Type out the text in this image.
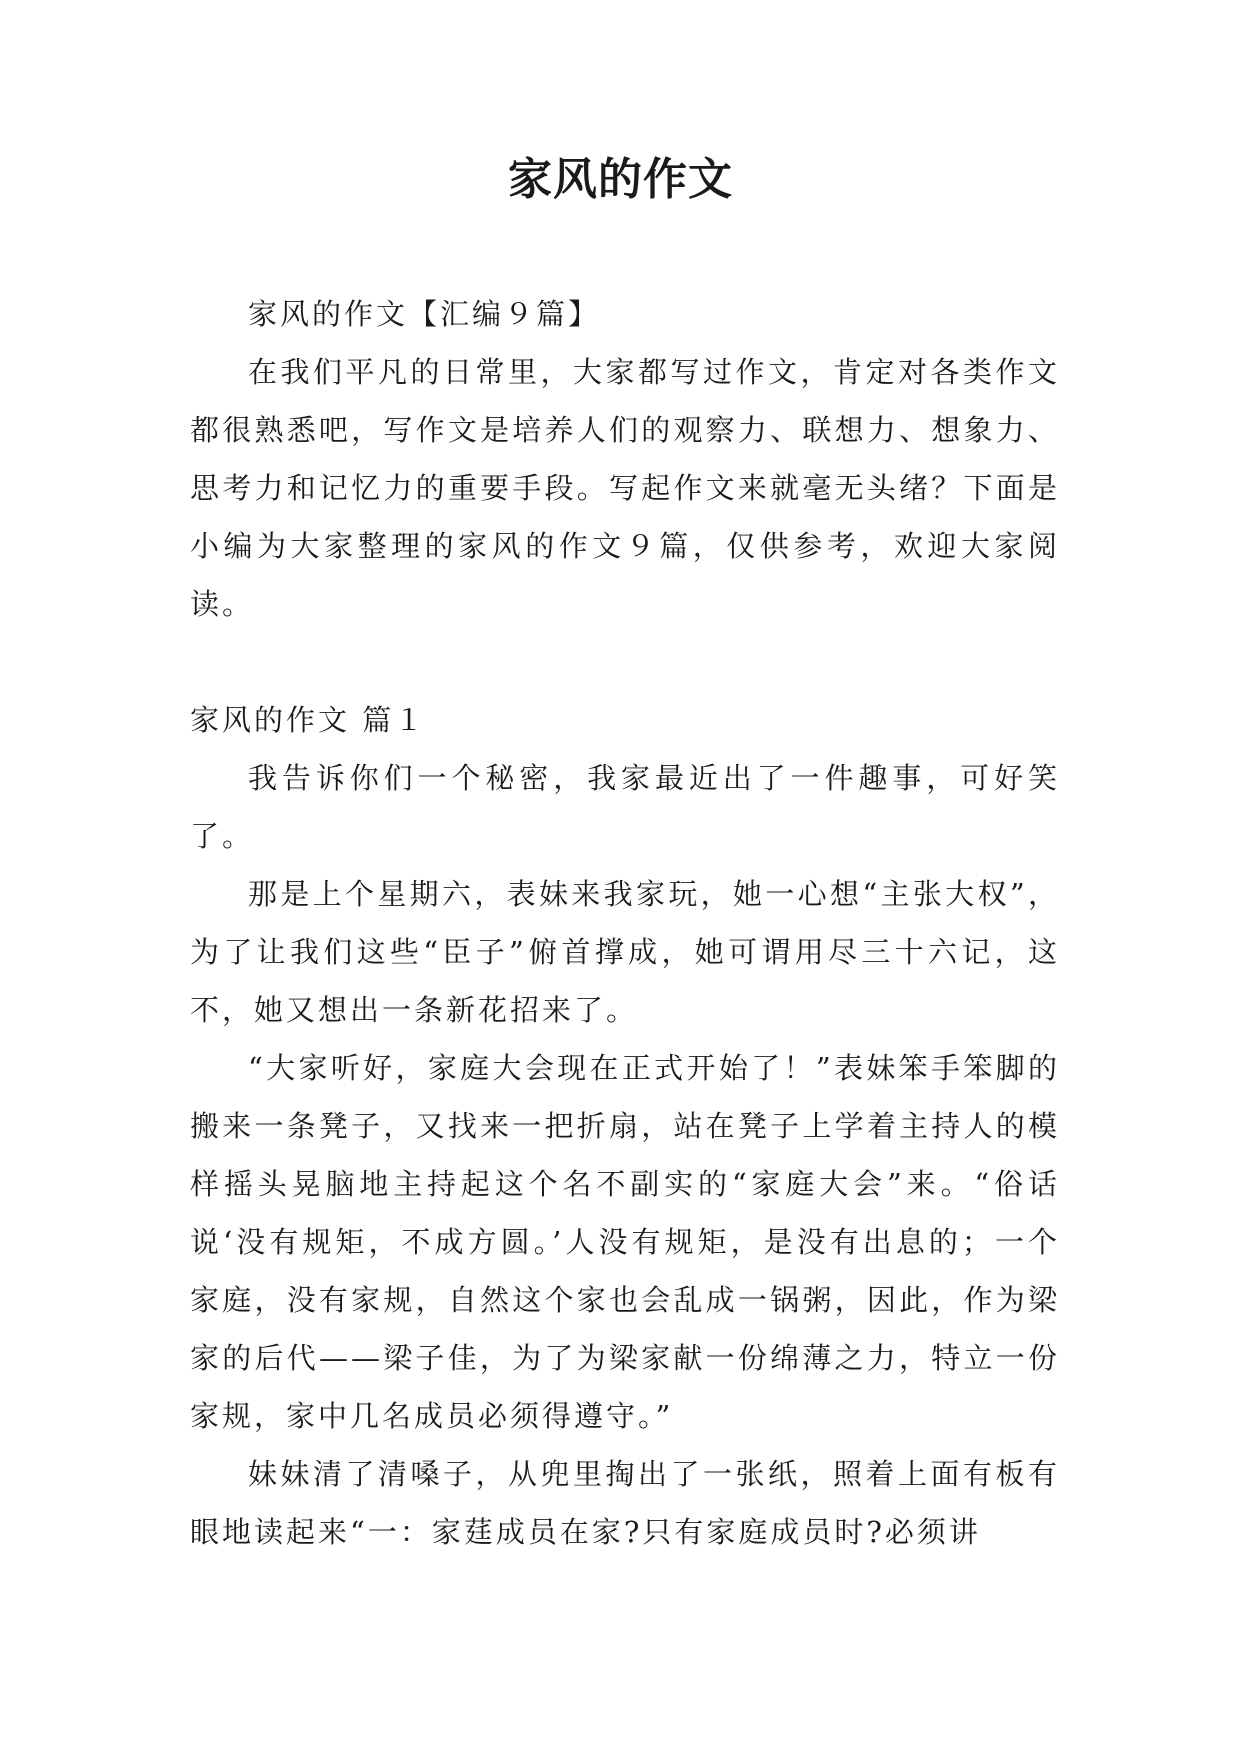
家风的作文

家风的作文【汇编９篇】

在我们平凡的日常里，大家都写过作文，肯定对各类作文都很熟悉吧，写作文是培养人们的观察力、联想力、想象力、思考力和记忆力的重要手段。写起作文来就毫无头绪？下面是小编为大家整理的家风的作文９篇，仅供参考，欢迎大家阅读。

家风的作文 篇１

我告诉你们一个秘密，我家最近出了一件趣事，可好笑了。

那是上个星期六，表妹来我家玩，她一心想“主张大权”，为了让我们这些“臣子”俯首撑成，她可谓用尽三十六记，这不，她又想出一条新花招来了。

“大家听好，家庭大会现在正式开始了！”表妹笨手笨脚的搬来一条凳子，又找来一把折扇，站在凳子上学着主持人的模样摇头晃脑地主持起这个名不副实的“家庭大会”来。“俗话说‘没有规矩，不成方圆。’人没有规矩，是没有出息的；一个家庭，没有家规，自然这个家也会乱成一锅粥，因此，作为梁家的后代——梁子佳，为了为梁家献一份绵薄之力，特立一份家规，家中几名成员必须得遵守。”

妹妹清了清嗓子，从兜里掏出了一张纸，照着上面有板有眼地读起来“一：家莛成员在家?只有家庭成员时?必须讲
